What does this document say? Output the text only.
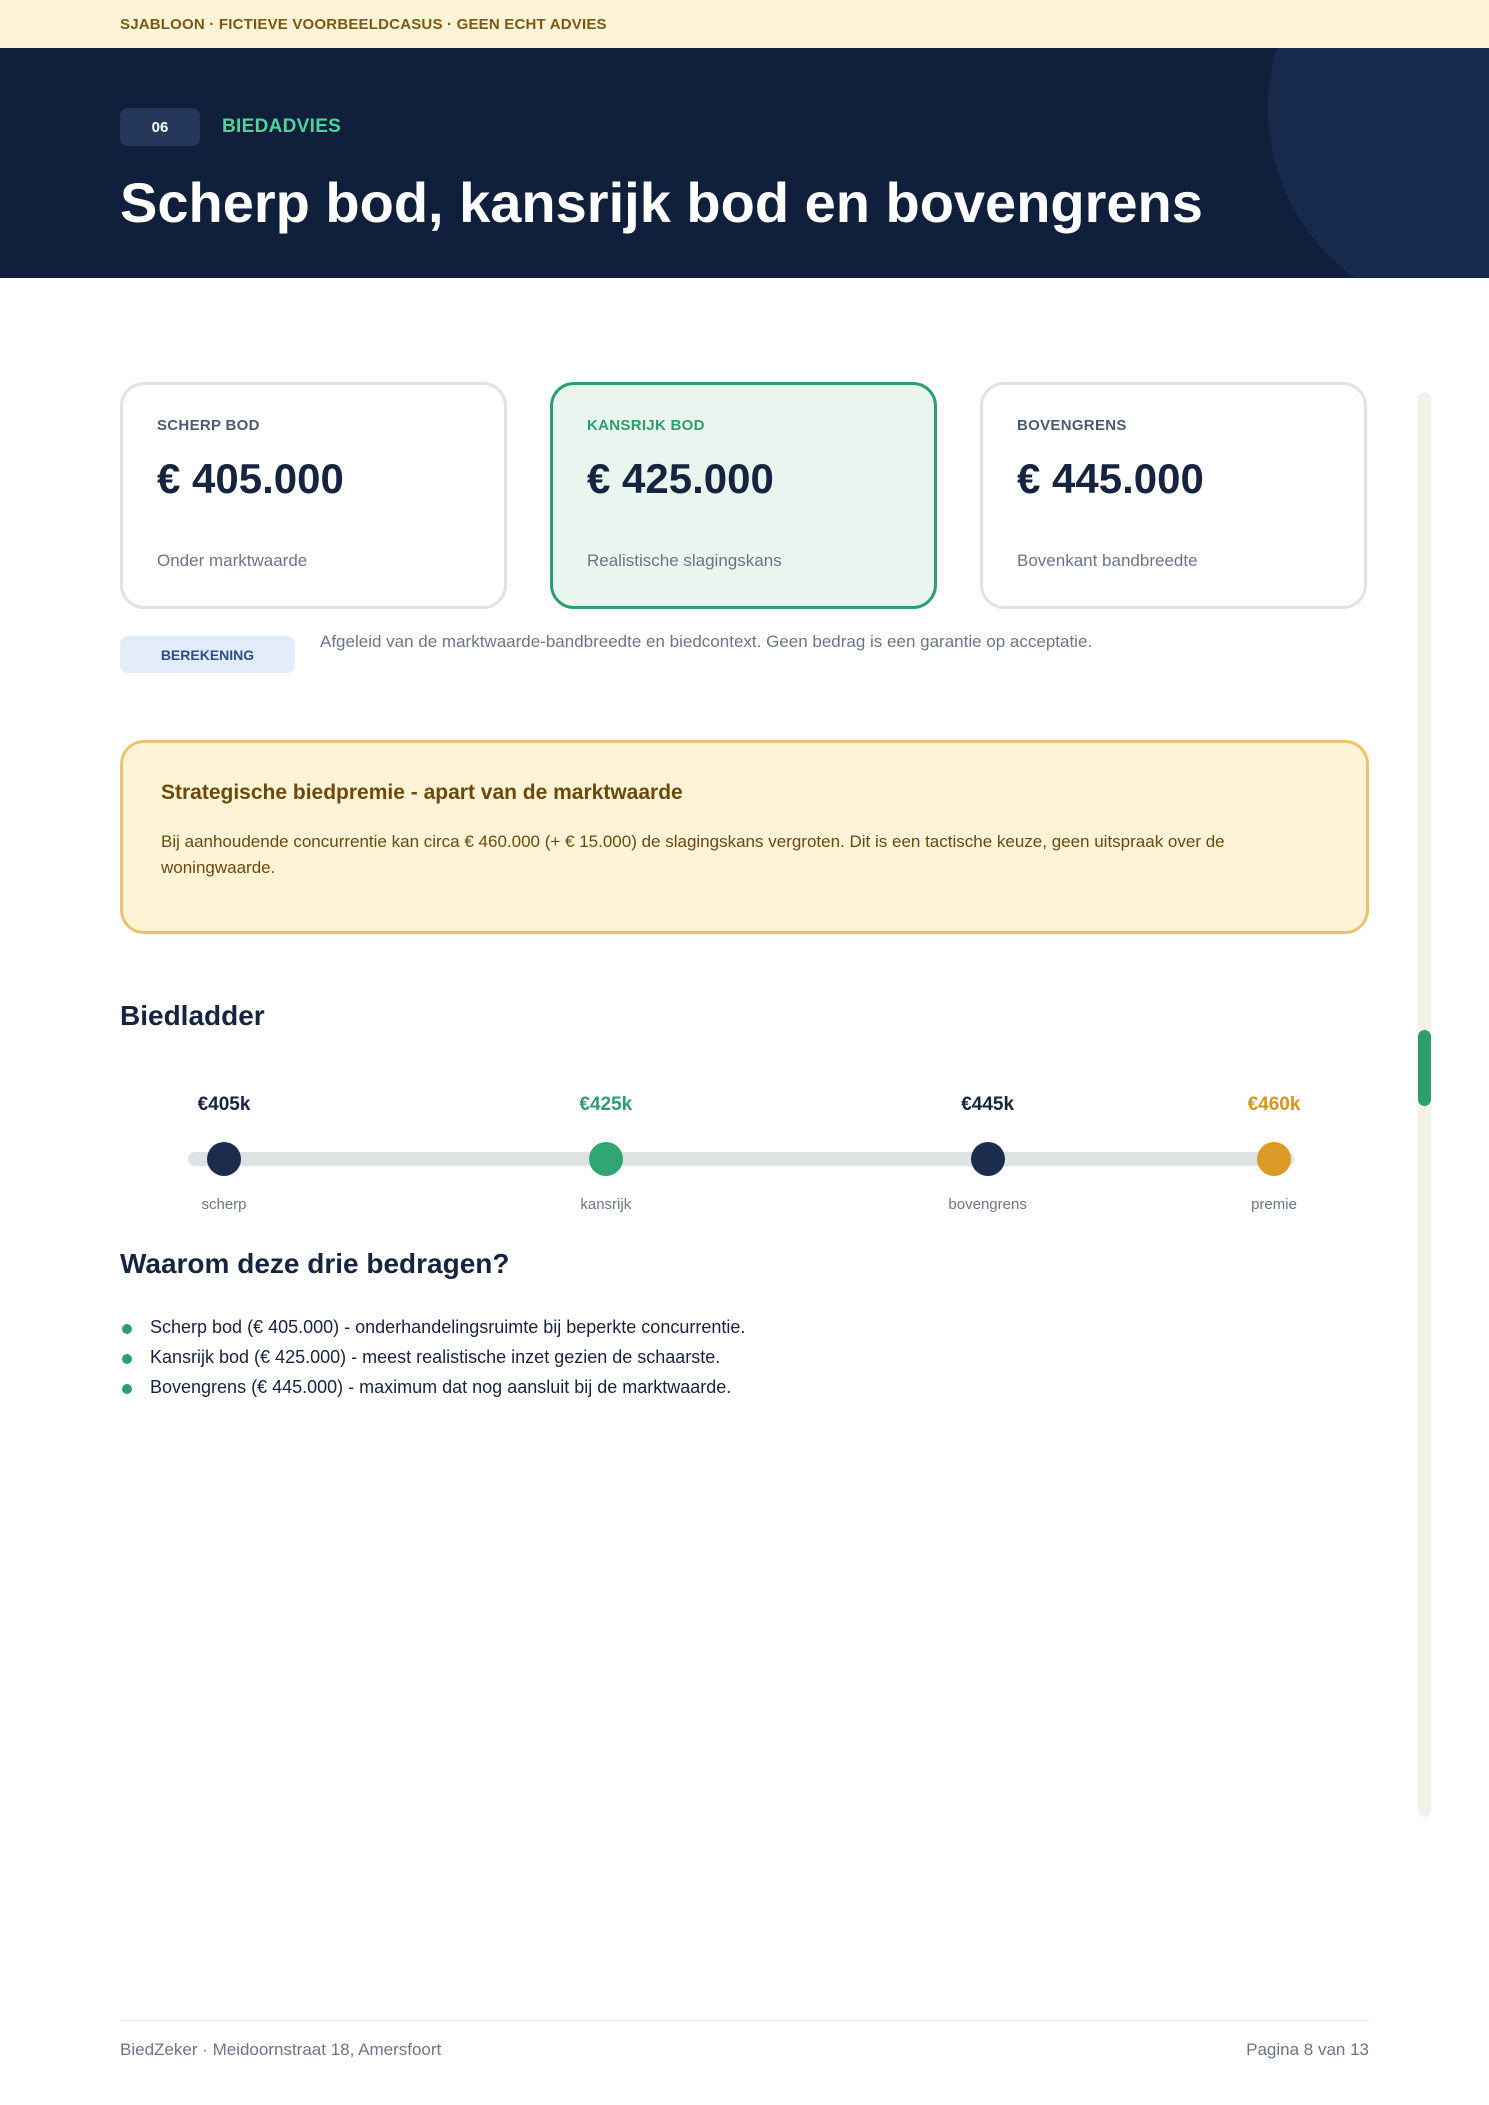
SJABLOON · FICTIEVE VOORBEELDCASUS · GEEN ECHT ADVIES
06	BIEDADVIES
Scherp bod, kansrijk bod en bovengrens
SCHERP BOD
€ 405.000
Onder marktwaarde
KANSRIJK BOD
€ 425.000
Realistische slagingskans
BOVENGRENS
€ 445.000
Bovenkant bandbreedte
BEREKENING
Afgeleid van de marktwaarde-bandbreedte en biedcontext. Geen bedrag is een garantie op acceptatie.
Strategische biedpremie - apart van de marktwaarde
Bij aanhoudende concurrentie kan circa € 460.000 (+ € 15.000) de slagingskans vergroten. Dit is een tactische keuze, geen uitspraak over de woningwaarde.
Biedladder
€405k
scherp
€425k
kansrijk
€445k
bovengrens
€460k
premie
Waarom deze drie bedragen?
Scherp bod (€ 405.000) - onderhandelingsruimte bij beperkte concurrentie.
Kansrijk bod (€ 425.000) - meest realistische inzet gezien de schaarste.
Bovengrens (€ 445.000) - maximum dat nog aansluit bij de marktwaarde.
BiedZeker · Meidoornstraat 18, Amersfoort	Pagina 8 van 13
